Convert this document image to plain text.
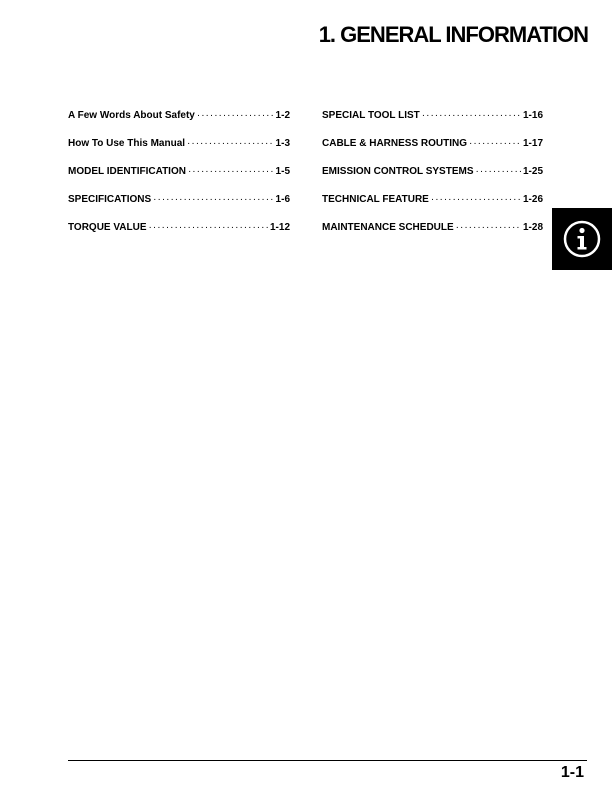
1. GENERAL INFORMATION
A Few Words About Safety ·····	1-2
How To Use This Manual ·····	1-3
MODEL IDENTIFICATION ·····	1-5
SPECIFICATIONS ·····	1-6
TORQUE VALUE ·····	1-12
SPECIAL TOOL LIST ·····	1-16
CABLE & HARNESS ROUTING ·····	1-17
EMISSION CONTROL SYSTEMS ·····	1-25
TECHNICAL FEATURE ·····	1-26
MAINTENANCE SCHEDULE ·····	1-28
1-1
